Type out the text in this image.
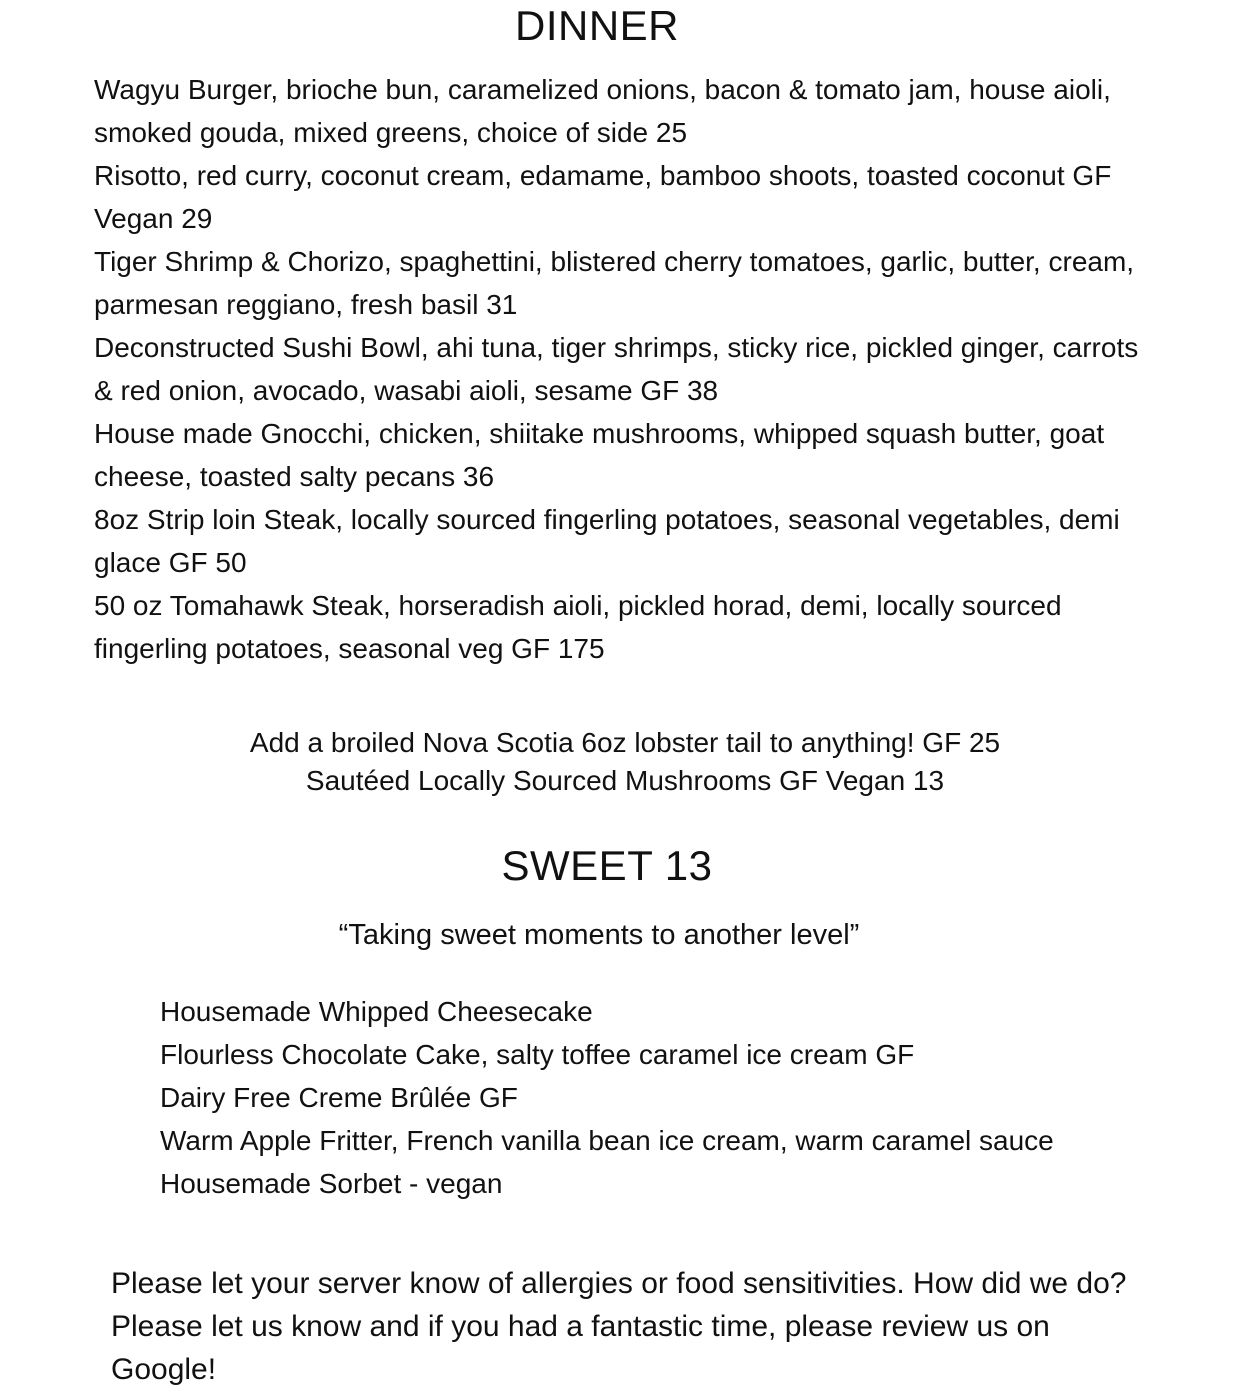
DINNER
Wagyu Burger, brioche bun, caramelized onions, bacon & tomato jam, house aioli, smoked gouda, mixed greens, choice of side 25
Risotto, red curry, coconut cream, edamame, bamboo shoots, toasted coconut GF Vegan 29
Tiger Shrimp & Chorizo, spaghettini, blistered cherry tomatoes, garlic, butter, cream, parmesan reggiano, fresh basil 31
Deconstructed Sushi Bowl, ahi tuna, tiger shrimps, sticky rice, pickled ginger, carrots & red onion, avocado, wasabi aioli, sesame GF 38
House made Gnocchi, chicken, shiitake mushrooms, whipped squash butter, goat cheese, toasted salty pecans 36
8oz Strip loin Steak, locally sourced fingerling potatoes, seasonal vegetables, demi glace GF 50
50 oz Tomahawk Steak, horseradish aioli, pickled horad, demi, locally sourced fingerling potatoes, seasonal veg GF 175
Add a broiled Nova Scotia 6oz lobster tail to anything! GF 25
Sautéed Locally Sourced Mushrooms GF Vegan 13
SWEET 13
“Taking sweet moments to another level”
Housemade Whipped Cheesecake
Flourless Chocolate Cake, salty toffee caramel ice cream GF
Dairy Free Creme Brûlée GF
Warm Apple Fritter, French vanilla bean ice cream, warm caramel sauce
Housemade Sorbet - vegan

Please let your server know of allergies or food sensitivities. How did we do? Please let us know and if you had a fantastic time, please review us on Google!
